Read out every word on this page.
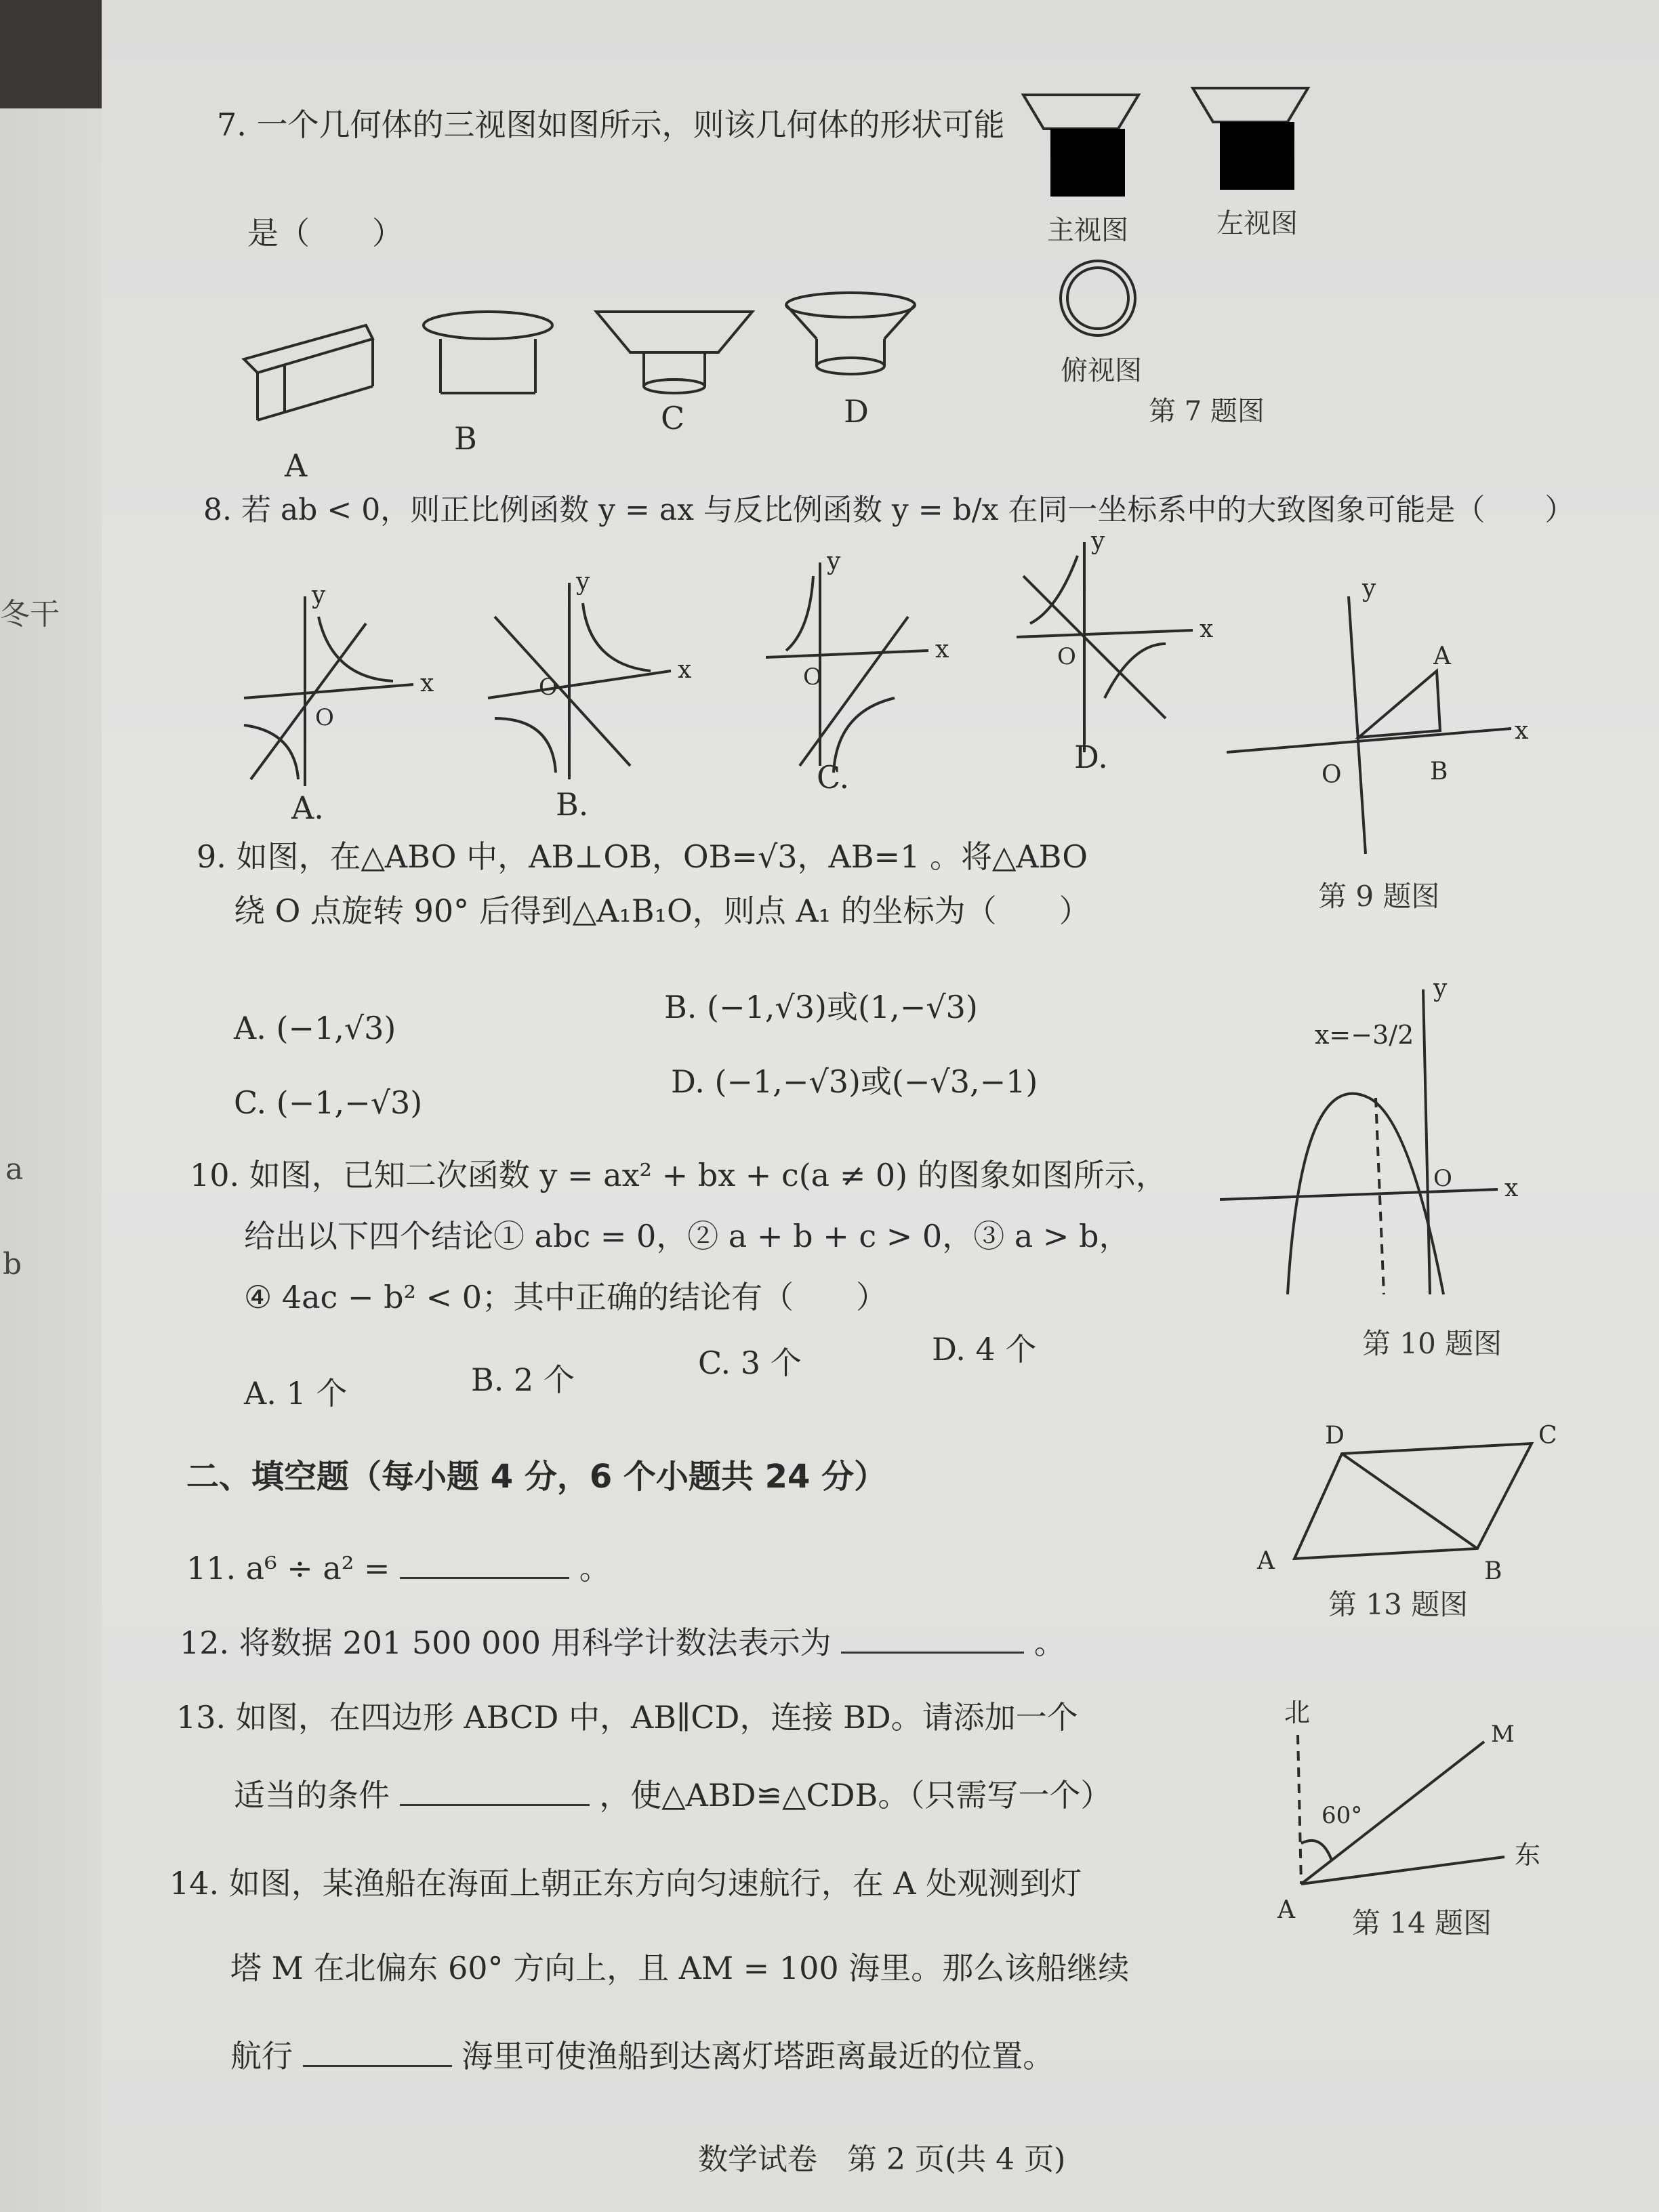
冬干
a
b
7. 一个几何体的三视图如图所示，则该几何体的形状可能
是（　　）
A
B
C	D
主视图	左视图
俯视图
第 7 题图
8. 若 ab < 0，则正比例函数 y = ax 与反比例函数 y = b/x 在同一坐标系中的大致图象可能是（　　）
x
y
O
x
y
O
x
y
O
x
y
O
A.	B.
C.
D.
y
x
O	B
A
第 9 题图
9. 如图，在△ABO 中，AB⊥OB，OB=√3，AB=1 。将△ABO
绕 O 点旋转 90° 后得到△A₁B₁O，则点 A₁ 的坐标为（　　）
A. (−1,√3)
B. (−1,√3)或(1,−√3)
C. (−1,−√3)
D. (−1,−√3)或(−√3,−1)
x=−3/2
y
x
O
第 10 题图
10. 如图，已知二次函数 y = ax² + bx + c(a ≠ 0) 的图象如图所示，
给出以下四个结论① abc = 0，② a + b + c > 0，③ a > b，
④ 4ac − b² < 0；其中正确的结论有（　　）
A. 1 个	B. 2 个	C. 3 个	D. 4 个
二、填空题（每小题 4 分，6 个小题共 24 分）
A	B
C
D
第 13 题图
11. a⁶ ÷ a² =	。
12. 将数据 201 500 000 用科学计数法表示为	。
13. 如图，在四边形 ABCD 中，AB∥CD，连接 BD。请添加一个
适当的条件	，使△ABD≌△CDB。（只需写一个）
北
东
M
A
60°
第 14 题图
14. 如图，某渔船在海面上朝正东方向匀速航行，在 A 处观测到灯
塔 M 在北偏东 60° 方向上，且 AM = 100 海里。那么该船继续
航行	海里可使渔船到达离灯塔距离最近的位置。
数学试卷　第 2 页(共 4 页)
